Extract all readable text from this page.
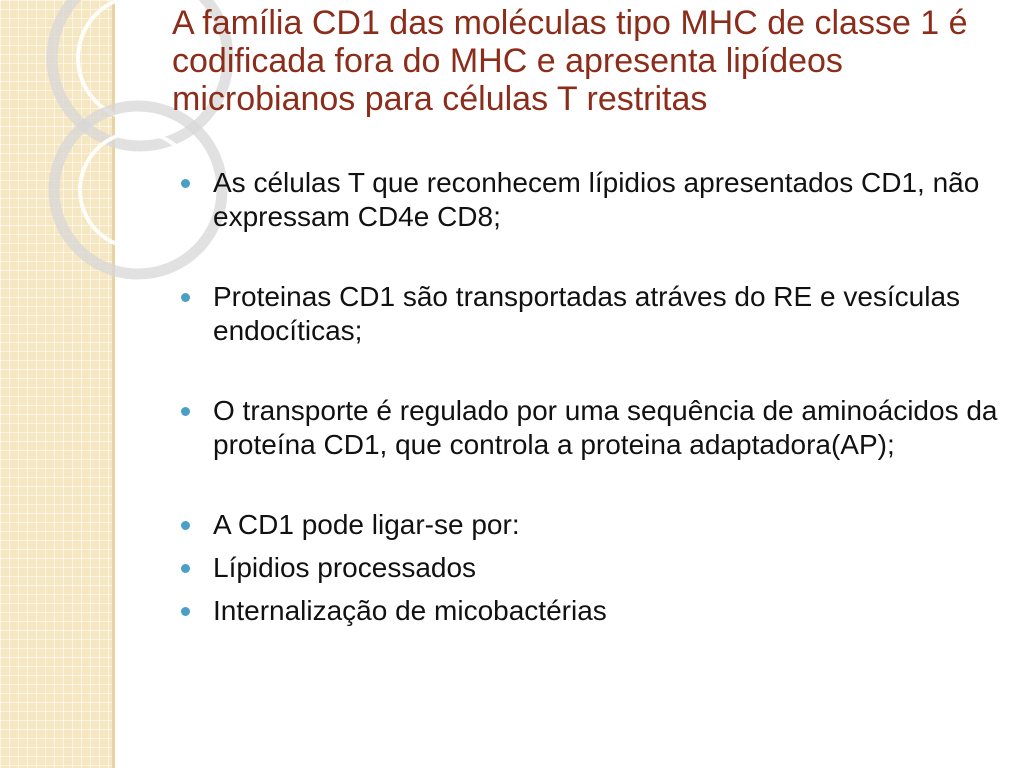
A família CD1 das moléculas tipo MHC de classe 1 é codificada fora do MHC e apresenta lipídeos microbianos para células T restritas
As células T que reconhecem lípidios apresentados CD1, não expressam CD4e CD8;
Proteinas CD1 são transportadas atráves do RE e vesículas endocíticas;
O transporte é regulado por uma sequência de aminoácidos da proteína CD1, que controla a proteina adaptadora(AP);
A CD1 pode ligar-se por:
Lípidios processados
Internalização de micobactérias
